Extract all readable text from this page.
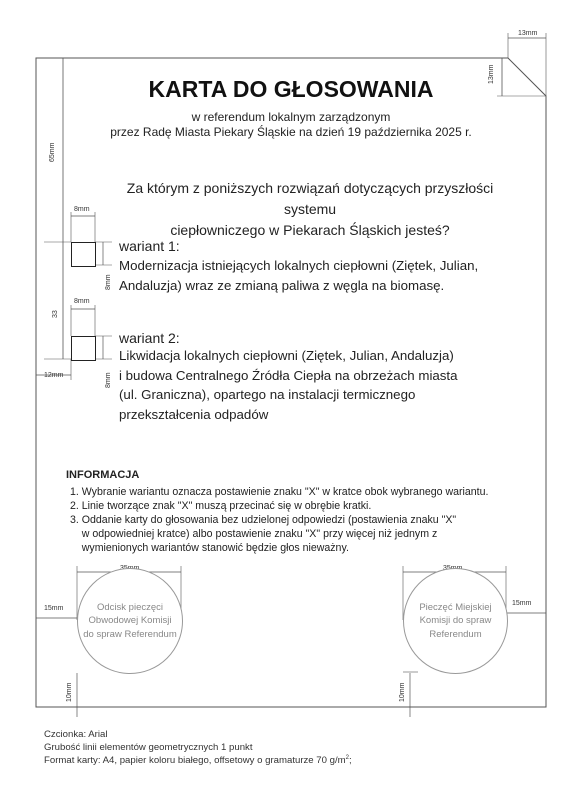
13mm
13mm
65mm
8mm
8mm
33
8mm
8mm
12mm
15mm
15mm
10mm	10mm
KARTA DO GŁOSOWANIA
w referendum lokalnym zarządzonym
przez Radę Miasta Piekary Śląskie na dzień 19 października 2025 r.
Za którym z poniższych rozwiązań dotyczących przyszłości systemu
ciepłowniczego w Piekarach Śląskich jesteś?
wariant 1:
Modernizacja istniejących lokalnych ciepłowni (Ziętek, Julian,
Andaluzja) wraz ze zmianą paliwa z węgla na biomasę.
wariant 2:
Likwidacja lokalnych ciepłowni (Ziętek, Julian, Andaluzja)
i budowa Centralnego Źródła Ciepła na obrzeżach miasta
(ul. Graniczna), opartego na instalacji termicznego
przekształcenia odpadów
INFORMACJA
1. Wybranie wariantu oznacza postawienie znaku "X" w kratce obok wybranego wariantu.
2. Linie tworzące znak "X" muszą przecinać się w obrębie kratki.
3. Oddanie karty do głosowania bez udzielonej odpowiedzi (postawienia znaku "X"
w odpowiedniej kratce) albo postawienie znaku "X" przy więcej niż jednym z
wymienionych wariantów stanowić będzie głos nieważny.
Odcisk pieczęci
Obwodowej Komisji
do spraw Referendum
Pieczęć Miejskiej
Komisji do spraw
Referendum
Czcionka: Arial
Grubość linii elementów geometrycznych 1 punkt
Format karty: A4, papier koloru białego, offsetowy o gramaturze 70 $g/m^2$;
